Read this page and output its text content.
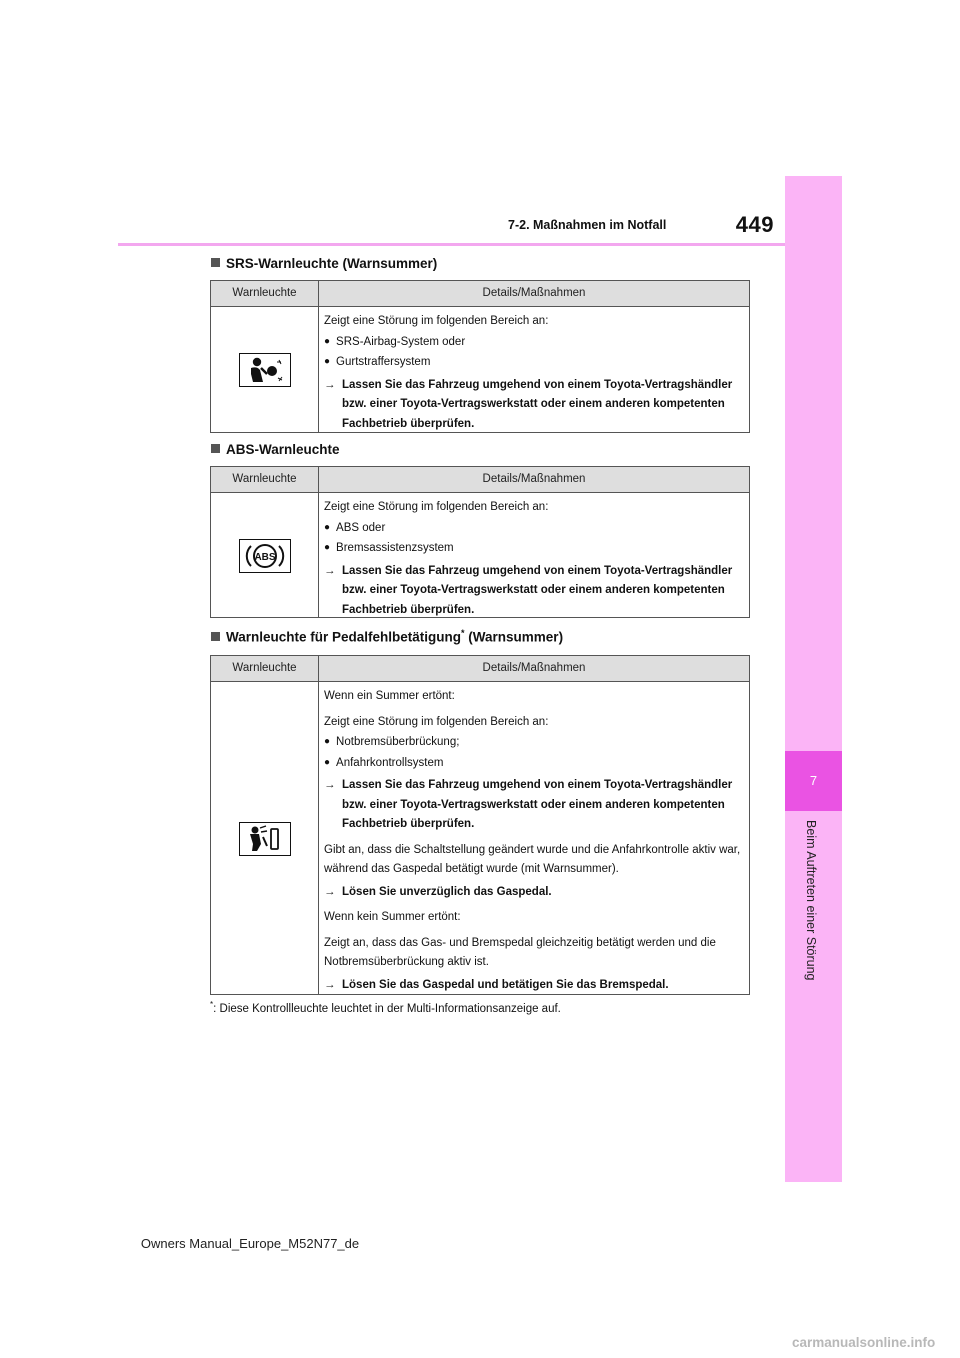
7-2. Maßnahmen im Notfall	449
7
Beim Auftreten einer Störung
SRS-Warnleuchte (Warnsummer)
Warnleuchte	Details/Maßnahmen
Zeigt eine Störung im folgenden Bereich an:
● SRS-Airbag-System oder
● Gurtstraffersystem
→ Lassen Sie das Fahrzeug umgehend von einem Toyota-Vertragshändler bzw. einer Toyota-Vertragswerkstatt oder einem anderen kompetenten Fachbetrieb überprüfen.
ABS-Warnleuchte
Warnleuchte	Details/Maßnahmen
ABS
Zeigt eine Störung im folgenden Bereich an:
● ABS oder
● Bremsassistenzsystem
→ Lassen Sie das Fahrzeug umgehend von einem Toyota-Vertragshändler bzw. einer Toyota-Vertragswerkstatt oder einem anderen kompetenten Fachbetrieb überprüfen.
Warnleuchte für Pedalfehlbetätigung* (Warnsummer)
Warnleuchte	Details/Maßnahmen
Wenn ein Summer ertönt:
Zeigt eine Störung im folgenden Bereich an:
● Notbremsüberbrückung;
● Anfahrkontrollsystem
→ Lassen Sie das Fahrzeug umgehend von einem Toyota-Vertragshändler bzw. einer Toyota-Vertragswerkstatt oder einem anderen kompetenten Fachbetrieb überprüfen.
Gibt an, dass die Schaltstellung geändert wurde und die Anfahrkontrolle aktiv war, während das Gaspedal betätigt wurde (mit Warnsummer).
→ Lösen Sie unverzüglich das Gaspedal.
Wenn kein Summer ertönt:
Zeigt an, dass das Gas- und Bremspedal gleichzeitig betätigt werden und die Notbremsüberbrückung aktiv ist.
→ Lösen Sie das Gaspedal und betätigen Sie das Bremspedal.
*: Diese Kontrollleuchte leuchtet in der Multi-Informationsanzeige auf.
Owners Manual_Europe_M52N77_de
carmanualsonline.info
